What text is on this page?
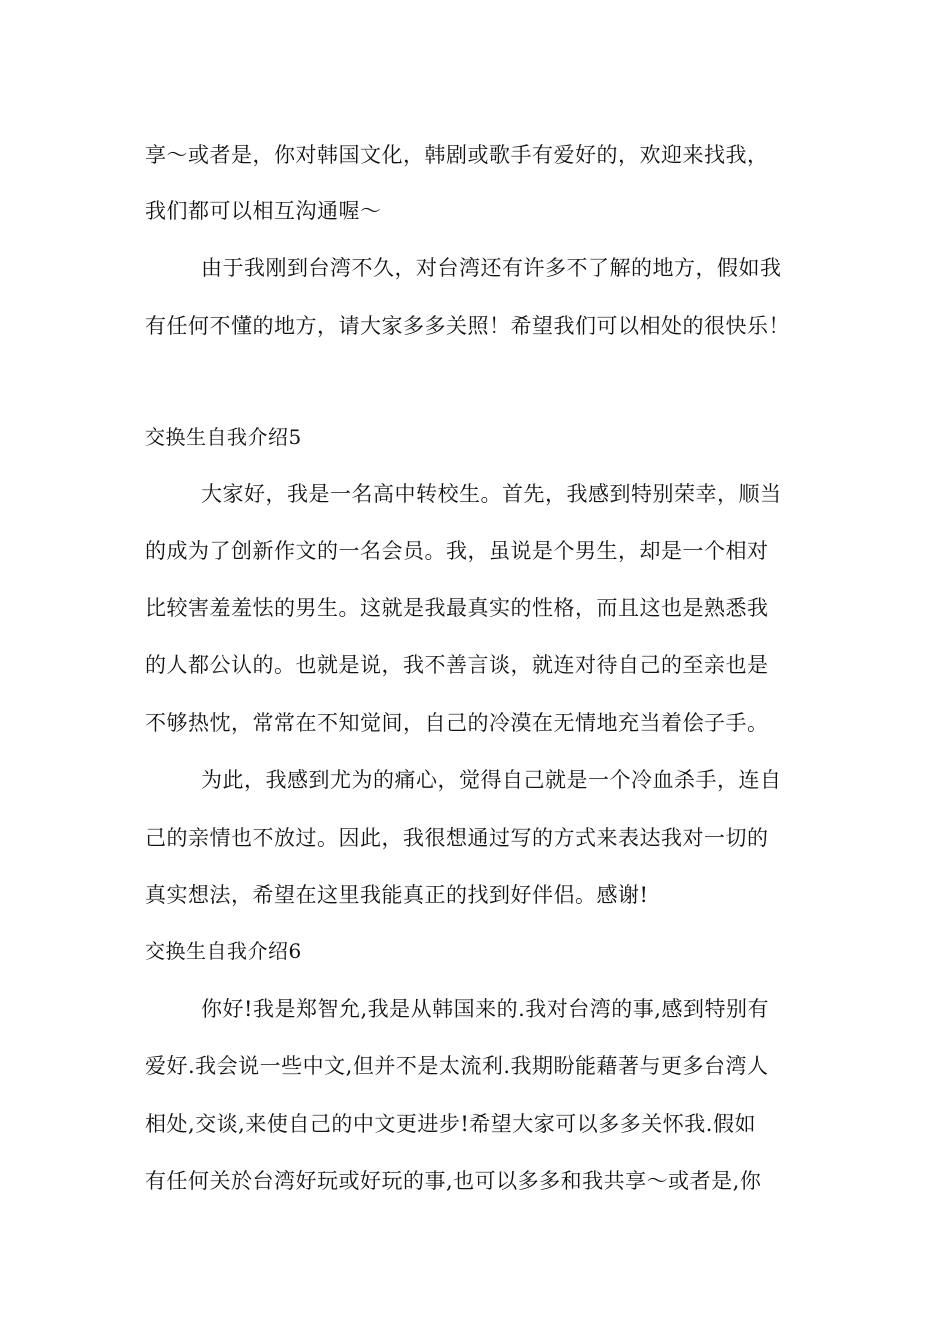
享～或者是，你对韩国文化，韩剧或歌手有爱好的，欢迎来找我，
我们都可以相互沟通喔～
由于我刚到台湾不久，对台湾还有许多不了解的地方，假如我
有任何不懂的地方，请大家多多关照！希望我们可以相处的很快乐！
交换生自我介绍5
大家好，我是一名高中转校生。首先，我感到特别荣幸，顺当
的成为了创新作文的一名会员。我，虽说是个男生，却是一个相对
比较害羞羞怯的男生。这就是我最真实的性格，而且这也是熟悉我
的人都公认的。也就是说，我不善言谈，就连对待自己的至亲也是
不够热忱，常常在不知觉间，自己的冷漠在无情地充当着侩子手。
为此，我感到尤为的痛心，觉得自己就是一个冷血杀手，连自
己的亲情也不放过。因此，我很想通过写的方式来表达我对一切的
真实想法，希望在这里我能真正的找到好伴侣。感谢!
交换生自我介绍6
你好!我是郑智允,我是从韩国来的.我对台湾的事,感到特别有
爱好.我会说一些中文,但并不是太流利.我期盼能藉著与更多台湾人
相处,交谈,来使自己的中文更进步!希望大家可以多多关怀我.假如
有任何关於台湾好玩或好玩的事,也可以多多和我共享～或者是,你
